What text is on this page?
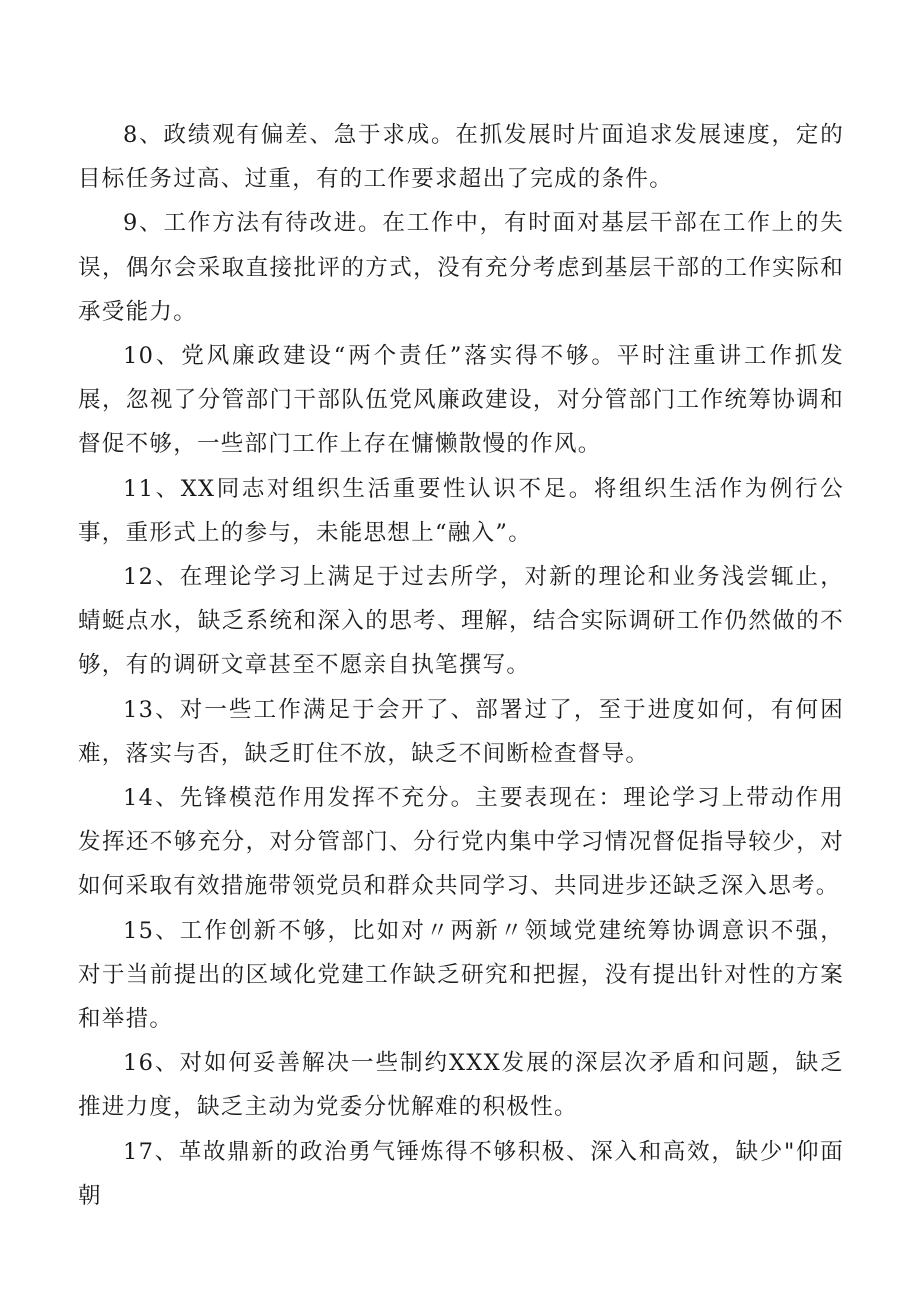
8、政绩观有偏差、急于求成。在抓发展时片面追求发展速度，定的目标任务过高、过重，有的工作要求超出了完成的条件。

9、工作方法有待改进。在工作中，有时面对基层干部在工作上的失误，偶尔会采取直接批评的方式，没有充分考虑到基层干部的工作实际和承受能力。

10、党风廉政建设“两个责任”落实得不够。平时注重讲工作抓发展，忽视了分管部门干部队伍党风廉政建设，对分管部门工作统筹协调和督促不够，一些部门工作上存在慵懒散慢的作风。

11、XX同志对组织生活重要性认识不足。将组织生活作为例行公事，重形式上的参与，未能思想上“融入”。

12、在理论学习上满足于过去所学，对新的理论和业务浅尝辄止，蜻蜓点水，缺乏系统和深入的思考、理解，结合实际调研工作仍然做的不够，有的调研文章甚至不愿亲自执笔撰写。

13、对一些工作满足于会开了、部署过了，至于进度如何，有何困难，落实与否，缺乏盯住不放，缺乏不间断检查督导。

14、先锋模范作用发挥不充分。主要表现在：理论学习上带动作用发挥还不够充分，对分管部门、分行党内集中学习情况督促指导较少，对如何采取有效措施带领党员和群众共同学习、共同进步还缺乏深入思考。

15、工作创新不够，比如对〃两新〃领域党建统筹协调意识不强，对于当前提出的区域化党建工作缺乏研究和把握，没有提出针对性的方案和举措。

16、对如何妥善解决一些制约XXX发展的深层次矛盾和问题，缺乏推进力度，缺乏主动为党委分忧解难的积极性。

17、革故鼎新的政治勇气锤炼得不够积极、深入和高效，缺少"仰面朝
